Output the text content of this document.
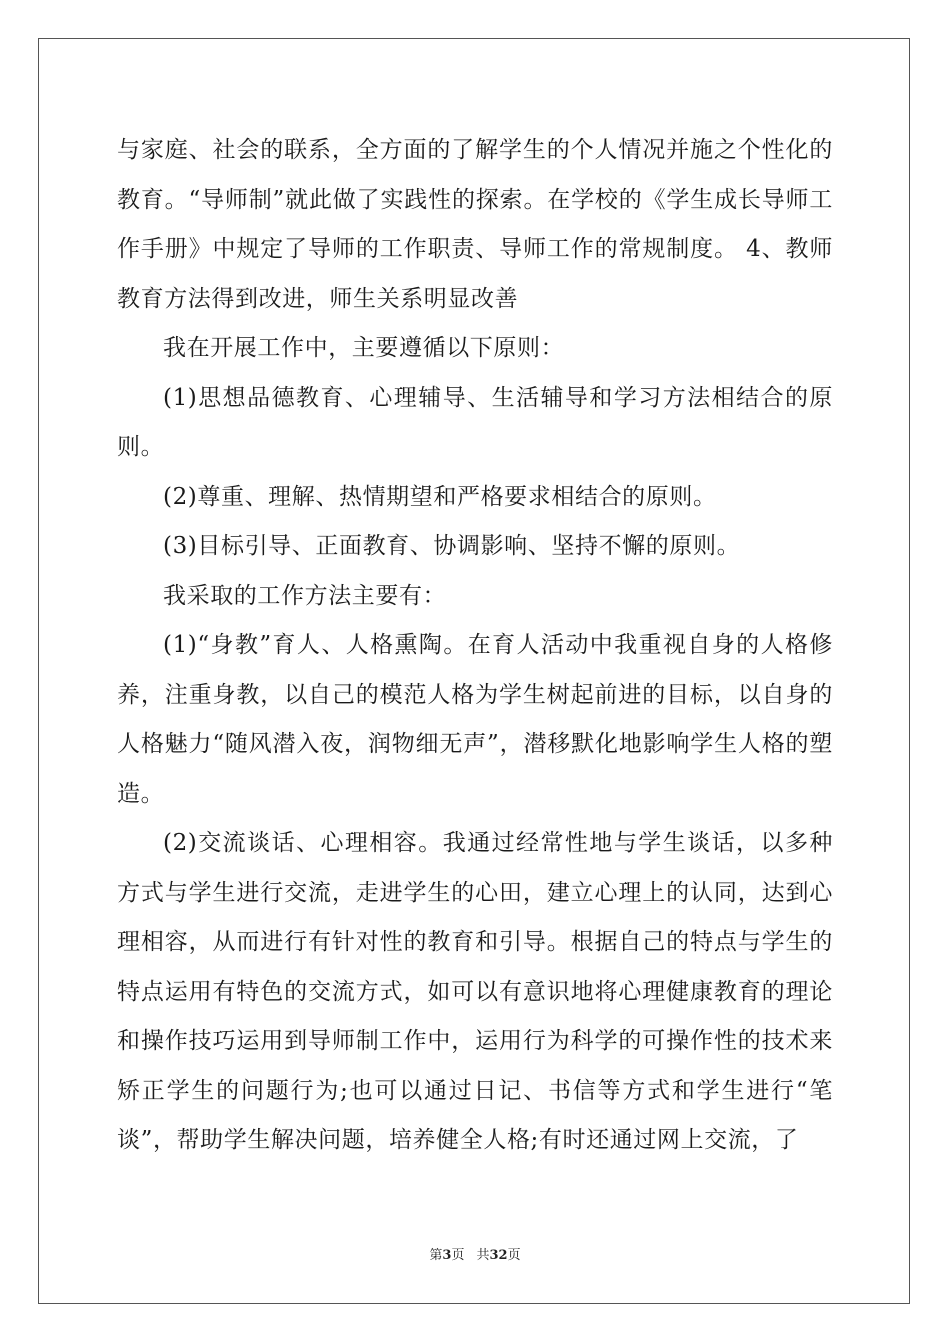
与家庭、社会的联系，全方面的了解学生的个人情况并施之个性化的教育。“导师制”就此做了实践性的探索。在学校的《学生成长导师工作手册》中规定了导师的工作职责、导师工作的常规制度。 4、教师教育方法得到改进，师生关系明显改善

我在开展工作中，主要遵循以下原则：

(1)思想品德教育、心理辅导、生活辅导和学习方法相结合的原则。

(2)尊重、理解、热情期望和严格要求相结合的原则。

(3)目标引导、正面教育、协调影响、坚持不懈的原则。

我采取的工作方法主要有：

(1)“身教”育人、人格熏陶。在育人活动中我重视自身的人格修养，注重身教，以自己的模范人格为学生树起前进的目标，以自身的人格魅力“随风潜入夜，润物细无声”，潜移默化地影响学生人格的塑造。

(2)交流谈话、心理相容。我通过经常性地与学生谈话，以多种方式与学生进行交流，走进学生的心田，建立心理上的认同，达到心理相容，从而进行有针对性的教育和引导。根据自己的特点与学生的特点运用有特色的交流方式，如可以有意识地将心理健康教育的理论和操作技巧运用到导师制工作中，运用行为科学的可操作性的技术来矫正学生的问题行为;也可以通过日记、书信等方式和学生进行“笔谈”，帮助学生解决问题，培养健全人格;有时还通过网上交流，了

第3页 共32页
